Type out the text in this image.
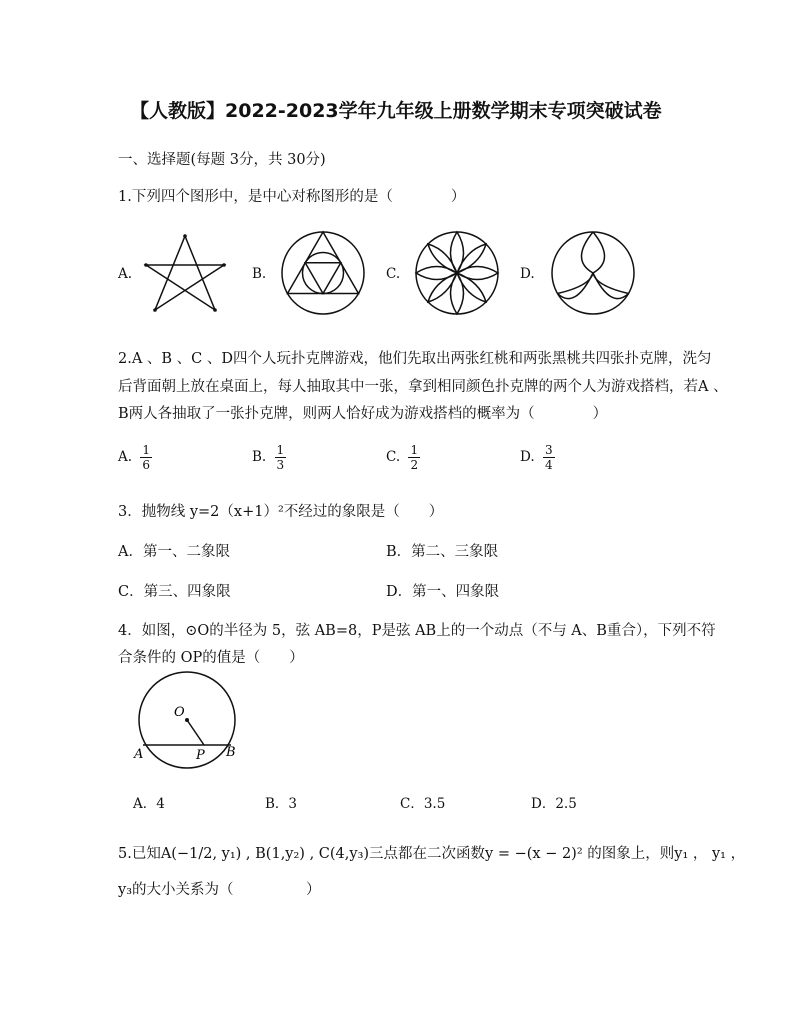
【人教版】2022-2023学年九年级上册数学期末专项突破试卷
一、选择题(每题 3分，共 30分)
1.下列四个图形中，是中心对称图形的是（　　　　）
A.	B.	C.	D.
2.A 、B 、C 、D四个人玩扑克牌游戏，他们先取出两张红桃和两张黑桃共四张扑克牌，洗匀
后背面朝上放在桌面上，每人抽取其中一张，拿到相同颜色扑克牌的两个人为游戏搭档，若A 、
B两人各抽取了一张扑克牌，则两人恰好成为游戏搭档的概率为（　　　　）
A. $\frac{1}{6}$	B. $\frac{1}{3}$	C. $\frac{1}{2}$	D. $\frac{3}{4}$
3．抛物线 y=2（x+1）²不经过的象限是（　　）
A．第一、二象限	B．第二、三象限
C．第三、四象限	D．第一、四象限
4．如图，⊙O的半径为 5，弦 AB=8，P是弦 AB上的一个动点（不与 A、B重合），下列不符
合条件的 OP的值是（　　）
O
A	P B
A．4	B．3	C．3.5	D．2.5
5.已知A(−1/2, y₁) , B(1,y₂) , C(4,y₃)三点都在二次函数y = −(x − 2)² 的图象上，则y₁ ， y₁ ，
y₃的大小关系为（　　　　　）
